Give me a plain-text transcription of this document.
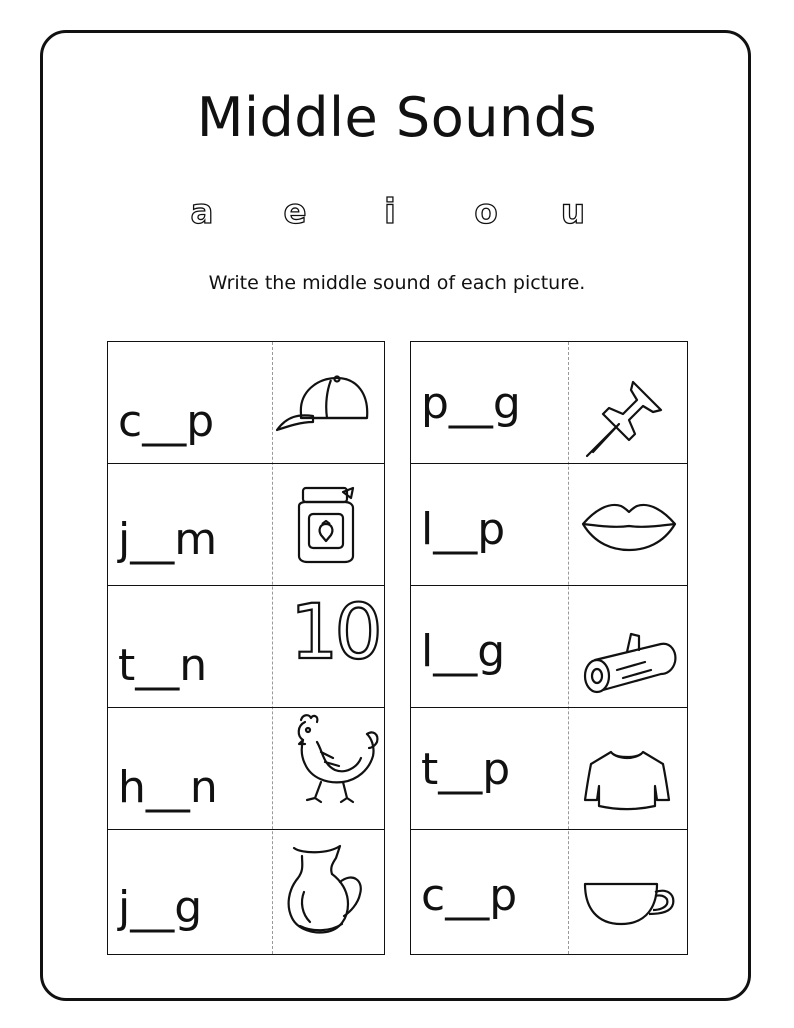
Middle Sounds
a e	i	o u
Write the middle sound of each picture.
c__p
j__m
t__n	10
h__n
j__g
p__g
l__p
l__g
t__p
c__p
